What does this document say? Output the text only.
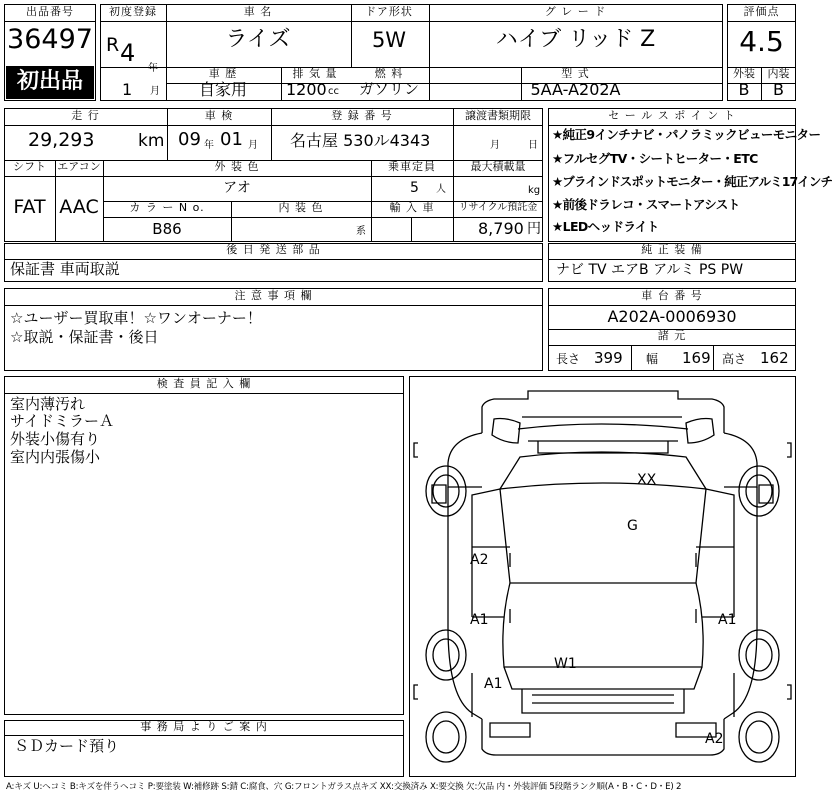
出品番号
36497
初出品
初度登録
R 4
年
1 月
車 名
ライズ
ドア形状
5W
グ レ ー ド
ハイブ リッド Z
車 歴
自家用
排 気 量
1200 cc
燃 料
ガソリン
型 式
5AA-A202A
評価点
4.5
外装	内装
B	B
走 行
29,293	km
車 検
09 年 01 月
登 録 番 号
名古屋 530ル4343
譲渡書類期限
月	日
シフト
FAT
エアコン
AAC
外 装 色
アオ
乗車定員
5 人
最大積載量
kg
カ ラ ー N o.
B86
内 装 色
系
輸 入 車	リサイクル預託金
8,790 円
セ ー ル ス ポ イ ン ト
★純正9インチナビ・パノラミックビューモニター
★フルセグTV・シートヒーター・ETC
★ブラインドスポットモニター・純正アルミ17インチ
★前後ドラレコ・スマートアシスト
★LEDヘッドライト
後 日 発 送 部 品
保証書 車両取説
純 正 装 備
ナビ TV エアB アルミ PS PW
注 意 事 項 欄
☆ユーザー買取車！☆ワンオーナー！
☆取説・保証書・後日
車 台 番 号
A202A-0006930
諸 元
長さ 399 幅 169 高さ 162
検 査 員 記 入 欄
室内薄汚れ
サイドミラーＡ
外装小傷有り
室内内張傷小
事 務 局 よ り ご 案 内
ＳＤカード預り
XX
G
A2
A1	A1
W1
A1
A2
A:キズ U:ヘコミ B:キズを伴うヘコミ P:要塗装 W:補修跡 S:錆 C:腐食、穴 G:フロントガラス点キズ XX:交換済み X:要交換 欠:欠品 内・外装評価 5段階ランク順(A・B・C・D・E) 2
